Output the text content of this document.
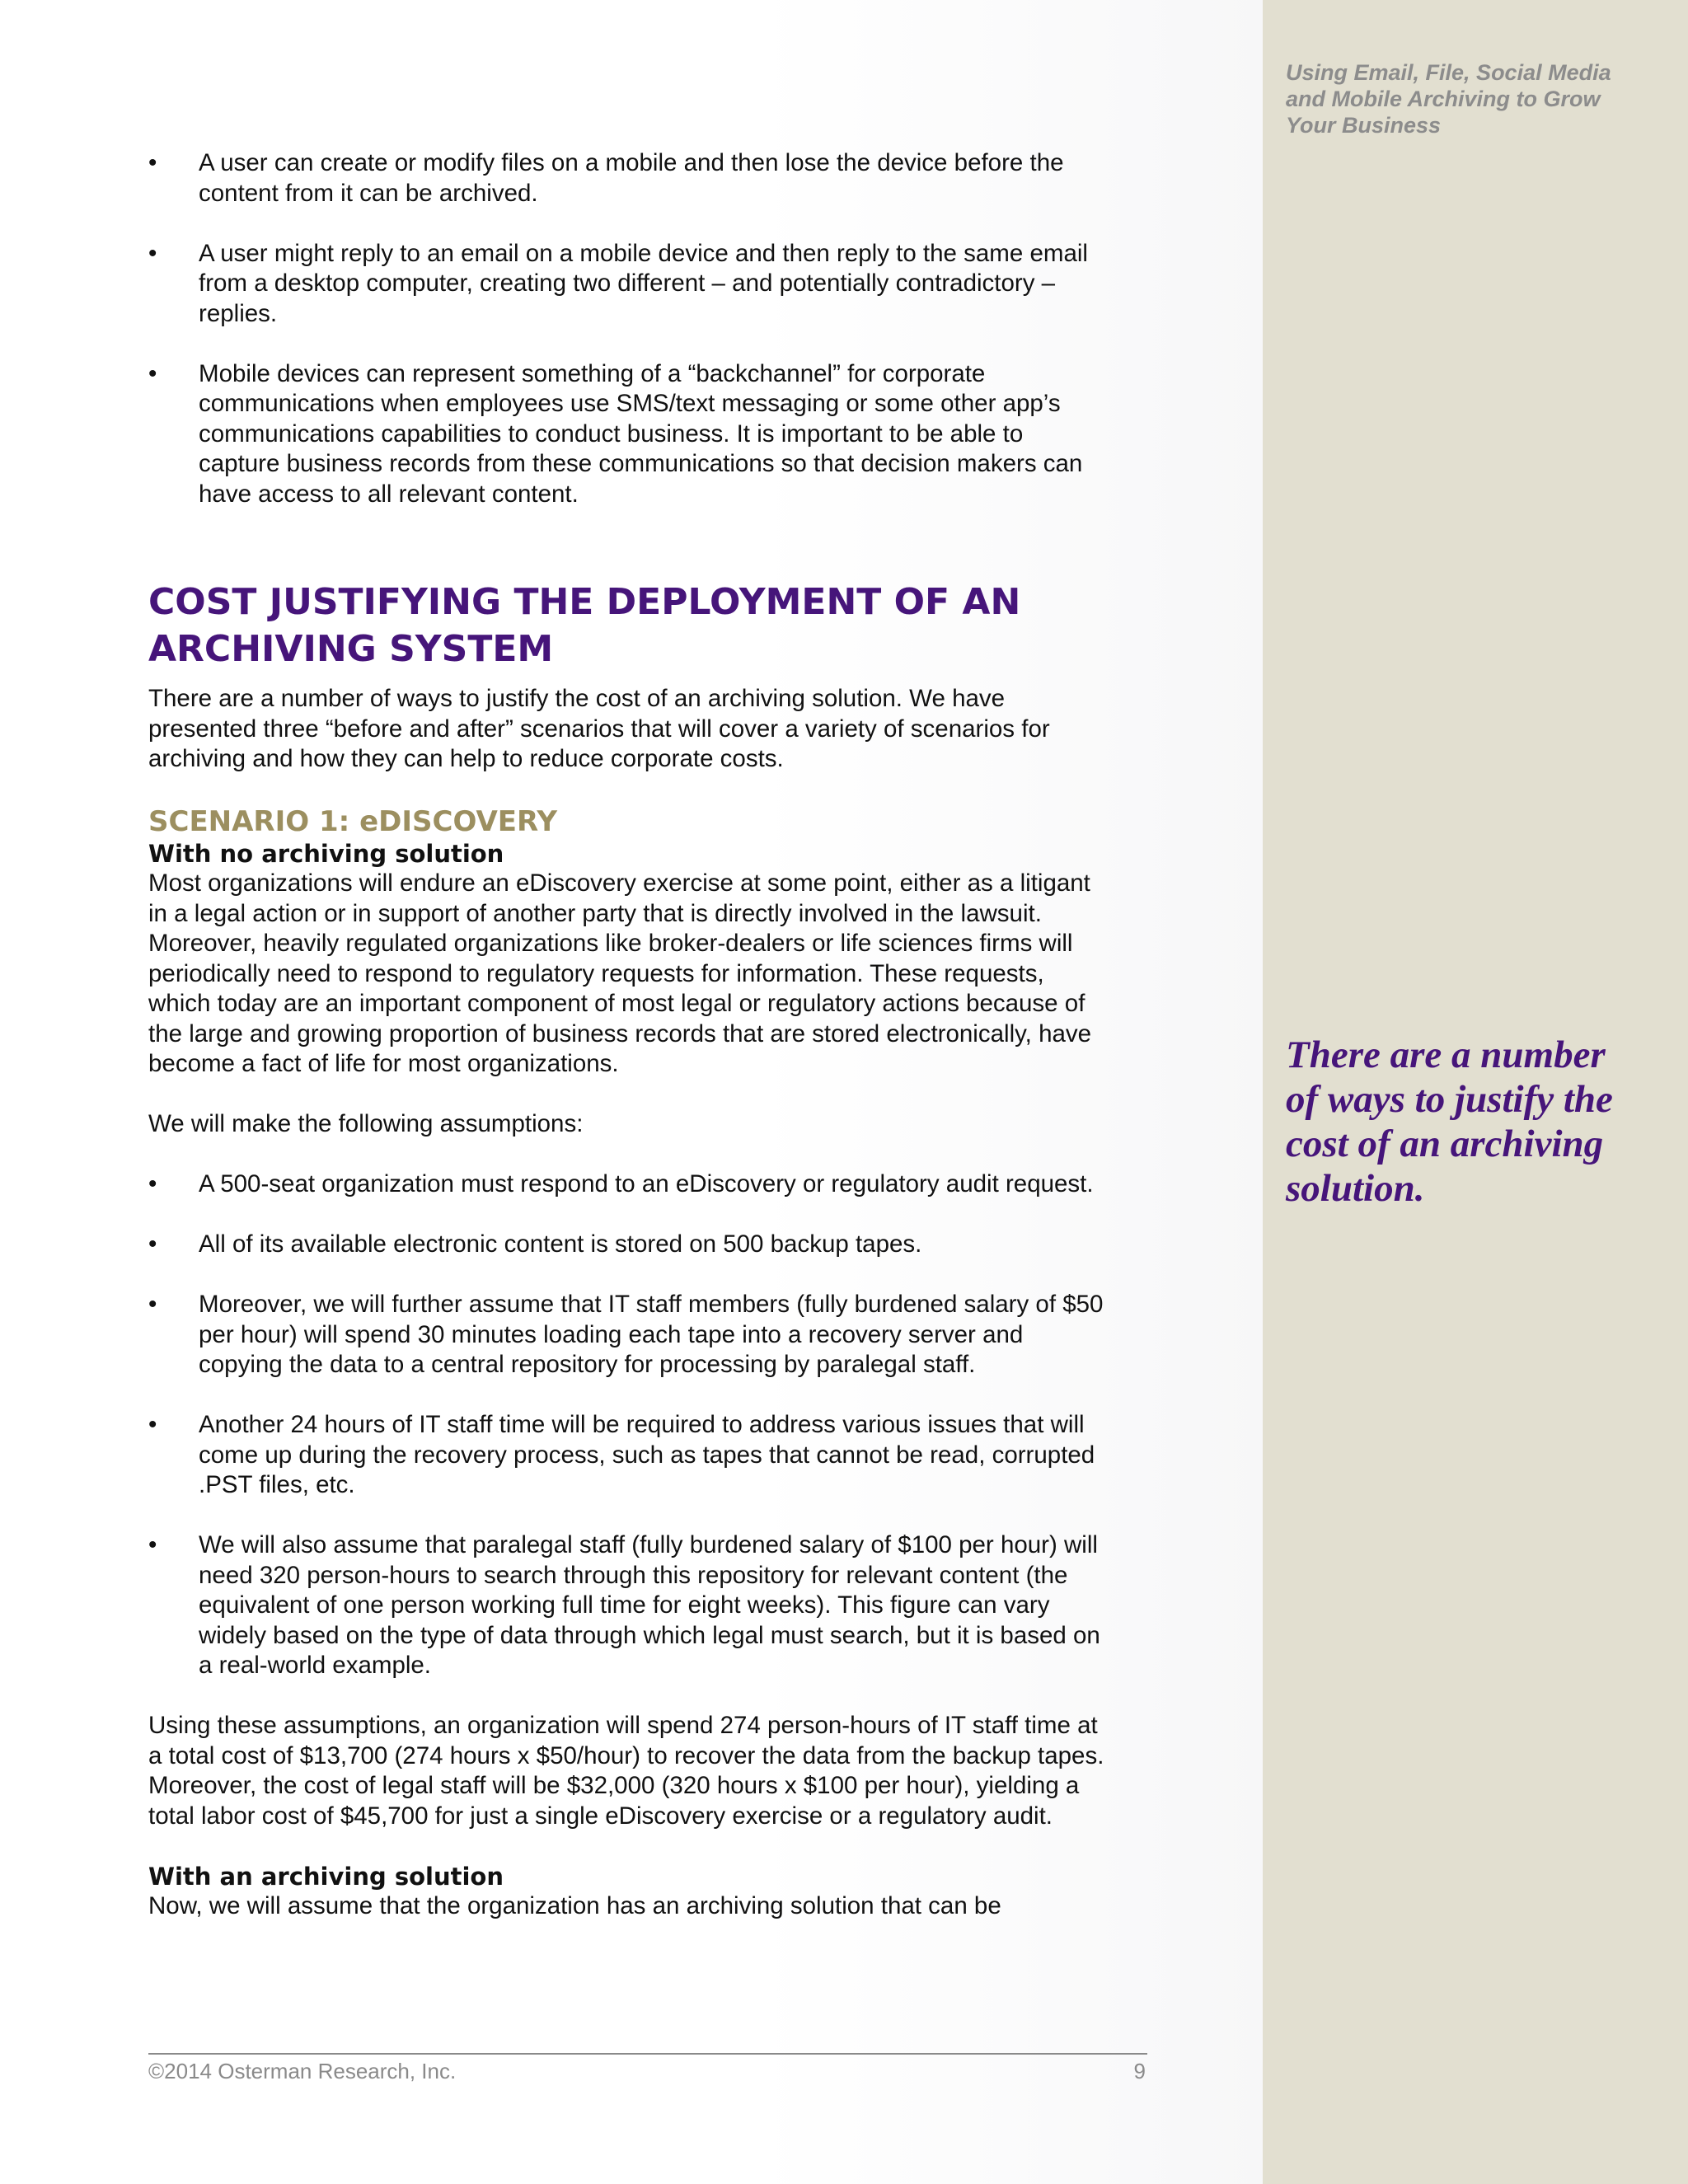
Using Email, File, Social Media and Mobile Archiving to Grow Your Business
There are a number of ways to justify the cost of an archiving solution.
•	A user can create or modify files on a mobile and then lose the device before the content from it can be archived.
•	A user might reply to an email on a mobile device and then reply to the same email from a desktop computer, creating two different – and potentially contradictory – replies.
•	Mobile devices can represent something of a “backchannel” for corporate communications when employees use SMS/text messaging or some other app’s communications capabilities to conduct business. It is important to be able to capture business records from these communications so that decision makers can have access to all relevant content.
COST JUSTIFYING THE DEPLOYMENT OF AN ARCHIVING SYSTEM

There are a number of ways to justify the cost of an archiving solution. We have presented three “before and after” scenarios that will cover a variety of scenarios for archiving and how they can help to reduce corporate costs.

SCENARIO 1: eDISCOVERY
With no archiving solution

Most organizations will endure an eDiscovery exercise at some point, either as a litigant in a legal action or in support of another party that is directly involved in the lawsuit. Moreover, heavily regulated organizations like broker-dealers or life sciences firms will periodically need to respond to regulatory requests for information. These requests, which today are an important component of most legal or regulatory actions because of the large and growing proportion of business records that are stored electronically, have become a fact of life for most organizations.

We will make the following assumptions:

•	A 500-seat organization must respond to an eDiscovery or regulatory audit request.
•	All of its available electronic content is stored on 500 backup tapes.
•	Moreover, we will further assume that IT staff members (fully burdened salary of $50 per hour) will spend 30 minutes loading each tape into a recovery server and copying the data to a central repository for processing by paralegal staff.
•	Another 24 hours of IT staff time will be required to address various issues that will come up during the recovery process, such as tapes that cannot be read, corrupted .PST files, etc.
•	We will also assume that paralegal staff (fully burdened salary of $100 per hour) will need 320 person-hours to search through this repository for relevant content (the equivalent of one person working full time for eight weeks). This figure can vary widely based on the type of data through which legal must search, but it is based on a real-world example.

Using these assumptions, an organization will spend 274 person-hours of IT staff time at a total cost of $13,700 (274 hours x $50/hour) to recover the data from the backup tapes. Moreover, the cost of legal staff will be $32,000 (320 hours x $100 per hour), yielding a total labor cost of $45,700 for just a single eDiscovery exercise or a regulatory audit.

With an archiving solution

Now, we will assume that the organization has an archiving solution that can be

©2014 Osterman Research, Inc.	9
